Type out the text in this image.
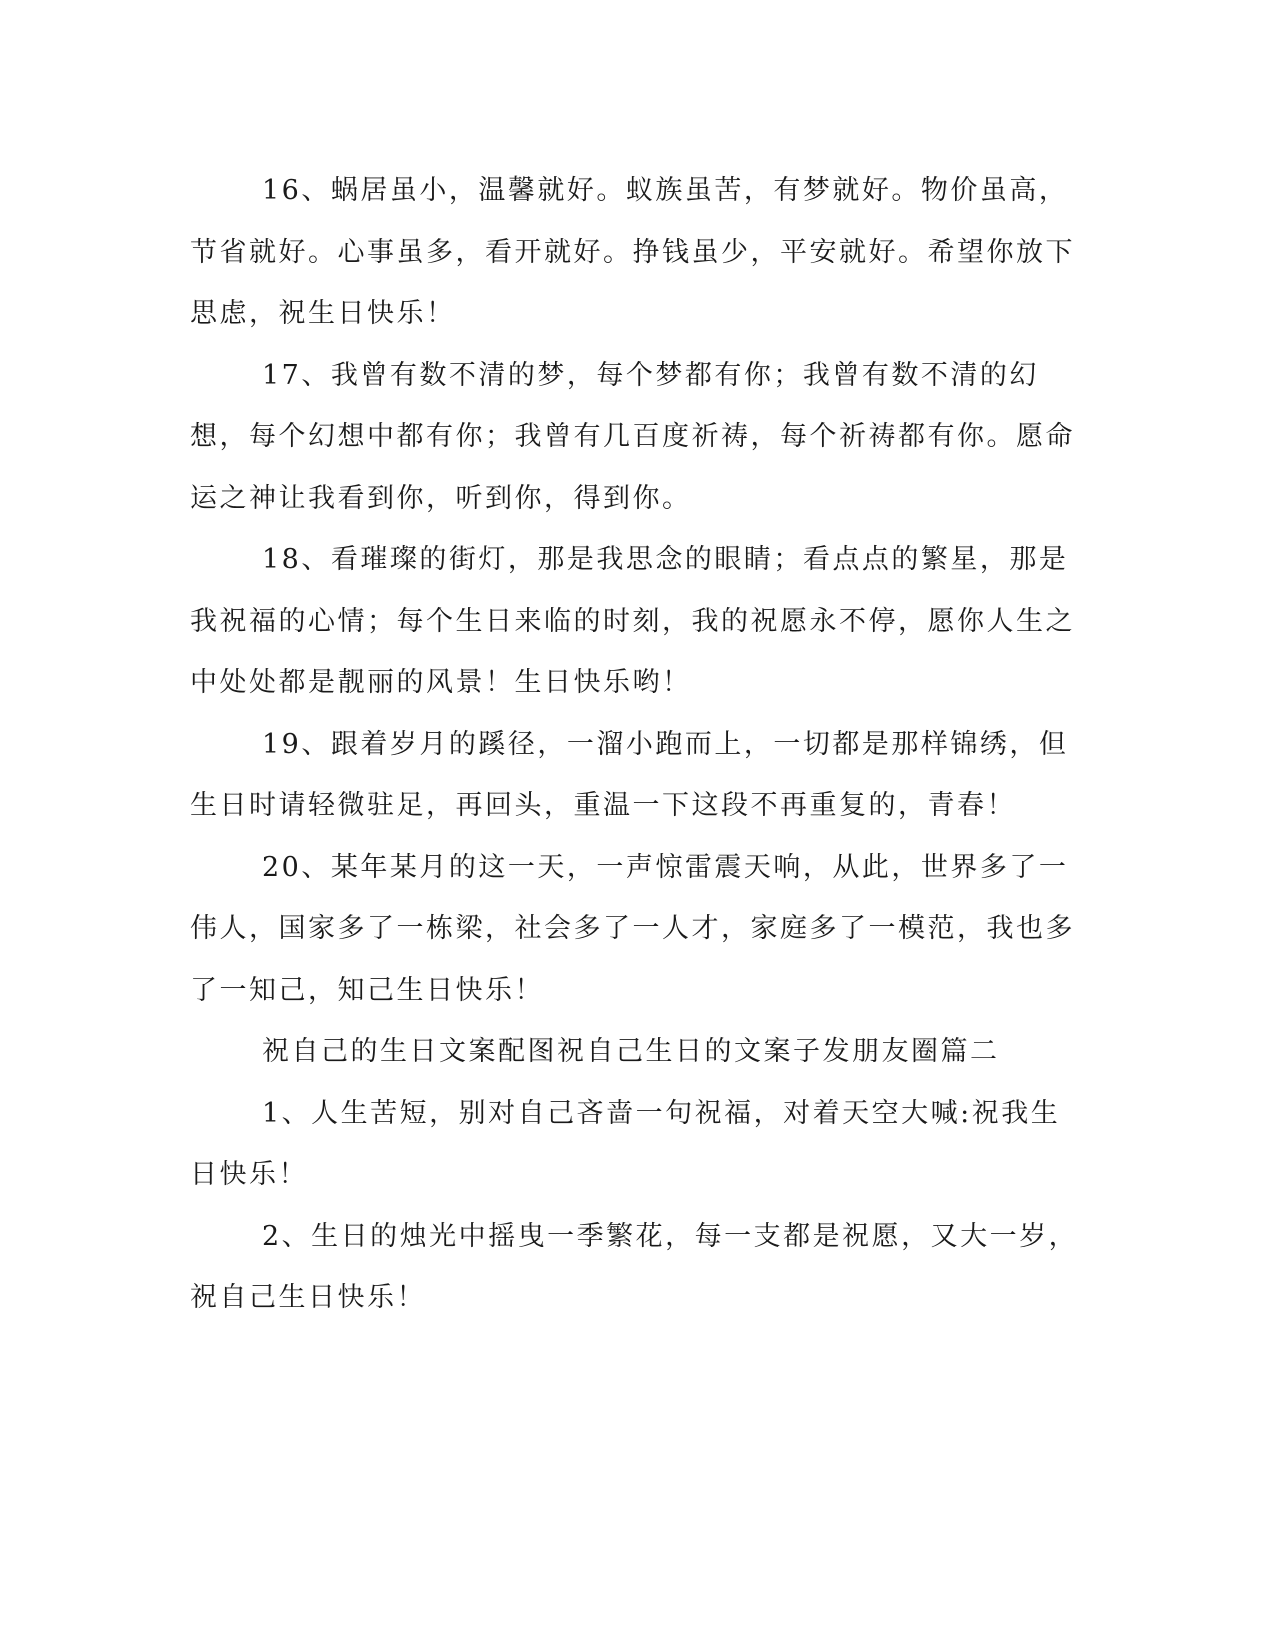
16、蜗居虽小，温馨就好。蚁族虽苦，有梦就好。物价虽高，节省就好。心事虽多，看开就好。挣钱虽少，平安就好。希望你放下思虑，祝生日快乐！

17、我曾有数不清的梦，每个梦都有你；我曾有数不清的幻想，每个幻想中都有你；我曾有几百度祈祷，每个祈祷都有你。愿命运之神让我看到你，听到你，得到你。

18、看璀璨的街灯，那是我思念的眼睛；看点点的繁星，那是我祝福的心情；每个生日来临的时刻，我的祝愿永不停，愿你人生之中处处都是靓丽的风景！生日快乐哟！

19、跟着岁月的蹊径，一溜小跑而上，一切都是那样锦绣，但生日时请轻微驻足，再回头，重温一下这段不再重复的，青春！

20、某年某月的这一天，一声惊雷震天响，从此，世界多了一伟人，国家多了一栋梁，社会多了一人才，家庭多了一模范，我也多了一知己，知己生日快乐！

祝自己的生日文案配图祝自己生日的文案子发朋友圈篇二

1、人生苦短，别对自己吝啬一句祝福，对着天空大喊:祝我生日快乐！

2、生日的烛光中摇曳一季繁花，每一支都是祝愿，又大一岁，祝自己生日快乐！
